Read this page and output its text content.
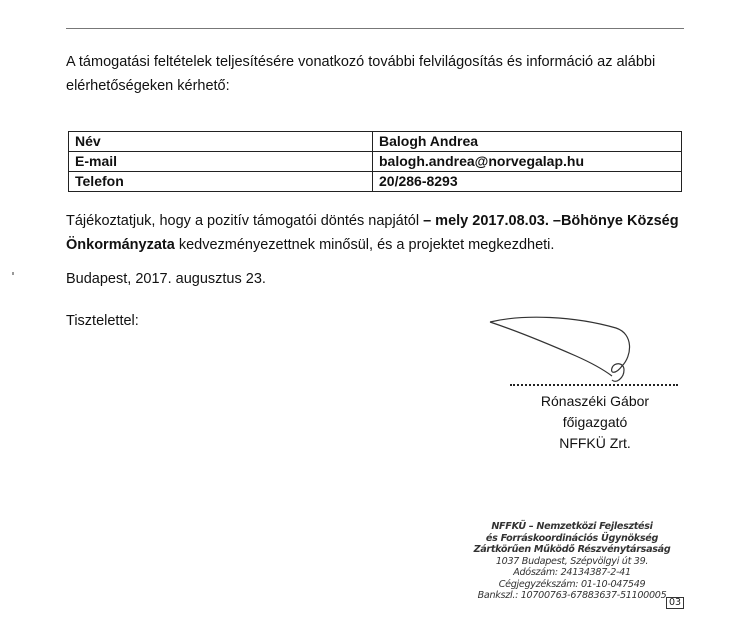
A támogatási feltételek teljesítésére vonatkozó további felvilágosítás és információ az alábbi elérhetőségeken kérhető:

Név	Balogh Andrea
E-mail	balogh.andrea@norvegalap.hu
Telefon	20/286-8293

Tájékoztatjuk, hogy a pozitív támogatói döntés napjától – mely 2017.08.03. –Böhönye Község Önkormányzata kedvezményezettnek minősül, és a projektet megkezdheti.

Budapest, 2017. augusztus 23.

Tisztelettel:

Rónaszéki Gábor
főigazgató
NFFKÜ Zrt.
NFFKÜ – Nemzetközi Fejlesztési
és Forráskoordinációs Ügynökség
Zártkörűen Működő Részvénytársaság
1037 Budapest, Szépvölgyi út 39.
Adószám: 24134387-2-41
Cégjegyzékszám: 01-10-047549
Bankszl.: 10700763-67883637-51100005
03
